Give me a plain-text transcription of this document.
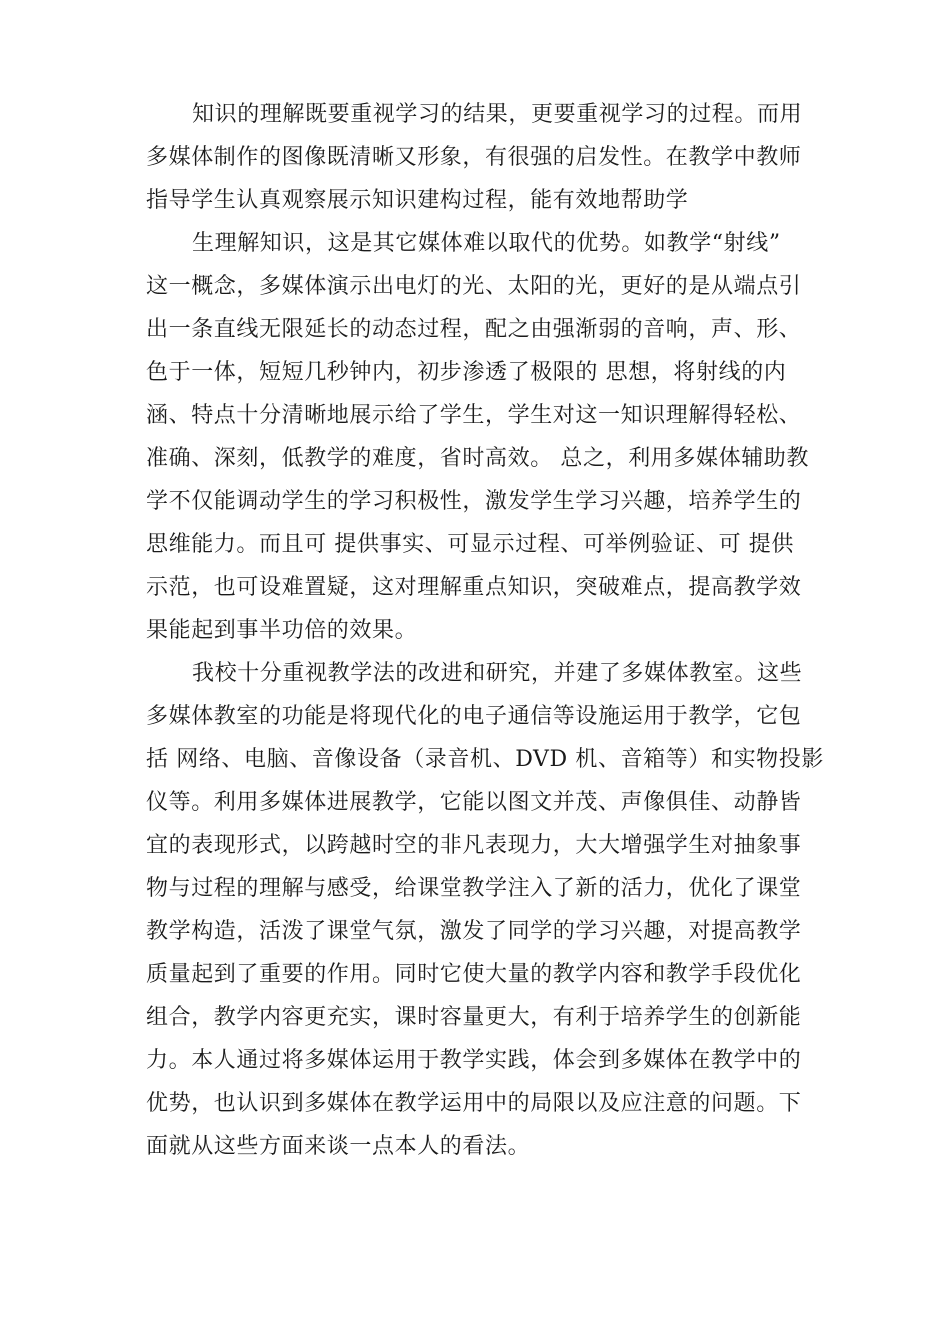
知识的理解既要重视学习的结果，更要重视学习的过程。而用
多媒体制作的图像既清晰又形象，有很强的启发性。在教学中教师
指导学生认真观察展示知识建构过程，能有效地帮助学
生理解知识，这是其它媒体难以取代的优势。如教学“射线”
这一概念，多媒体演示出电灯的光、太阳的光，更好的是从端点引
出一条直线无限延长的动态过程，配之由强渐弱的音响，声、形、
色于一体，短短几秒钟内，初步渗透了极限的 思想，将射线的内
涵、特点十分清晰地展示给了学生，学生对这一知识理解得轻松、
准确、深刻，低教学的难度，省时高效。 总之，利用多媒体辅助教
学不仅能调动学生的学习积极性，激发学生学习兴趣，培养学生的
思维能力。而且可 提供事实、可显示过程、可举例验证、可 提供
示范，也可设难置疑，这对理解重点知识，突破难点，提高教学效
果能起到事半功倍的效果。
我校十分重视教学法的改进和研究，并建了多媒体教室。这些
多媒体教室的功能是将现代化的电子通信等设施运用于教学，它包
括 网络、电脑、音像设备（录音机、DVD 机、音箱等）和实物投影
仪等。利用多媒体进展教学，它能以图文并茂、声像俱佳、动静皆
宜的表现形式，以跨越时空的非凡表现力，大大增强学生对抽象事
物与过程的理解与感受，给课堂教学注入了新的活力，优化了课堂
教学构造，活泼了课堂气氛，激发了同学的学习兴趣，对提高教学
质量起到了重要的作用。同时它使大量的教学内容和教学手段优化
组合，教学内容更充实，课时容量更大，有利于培养学生的创新能
力。本人通过将多媒体运用于教学实践，体会到多媒体在教学中的
优势，也认识到多媒体在教学运用中的局限以及应注意的问题。下
面就从这些方面来谈一点本人的看法。
